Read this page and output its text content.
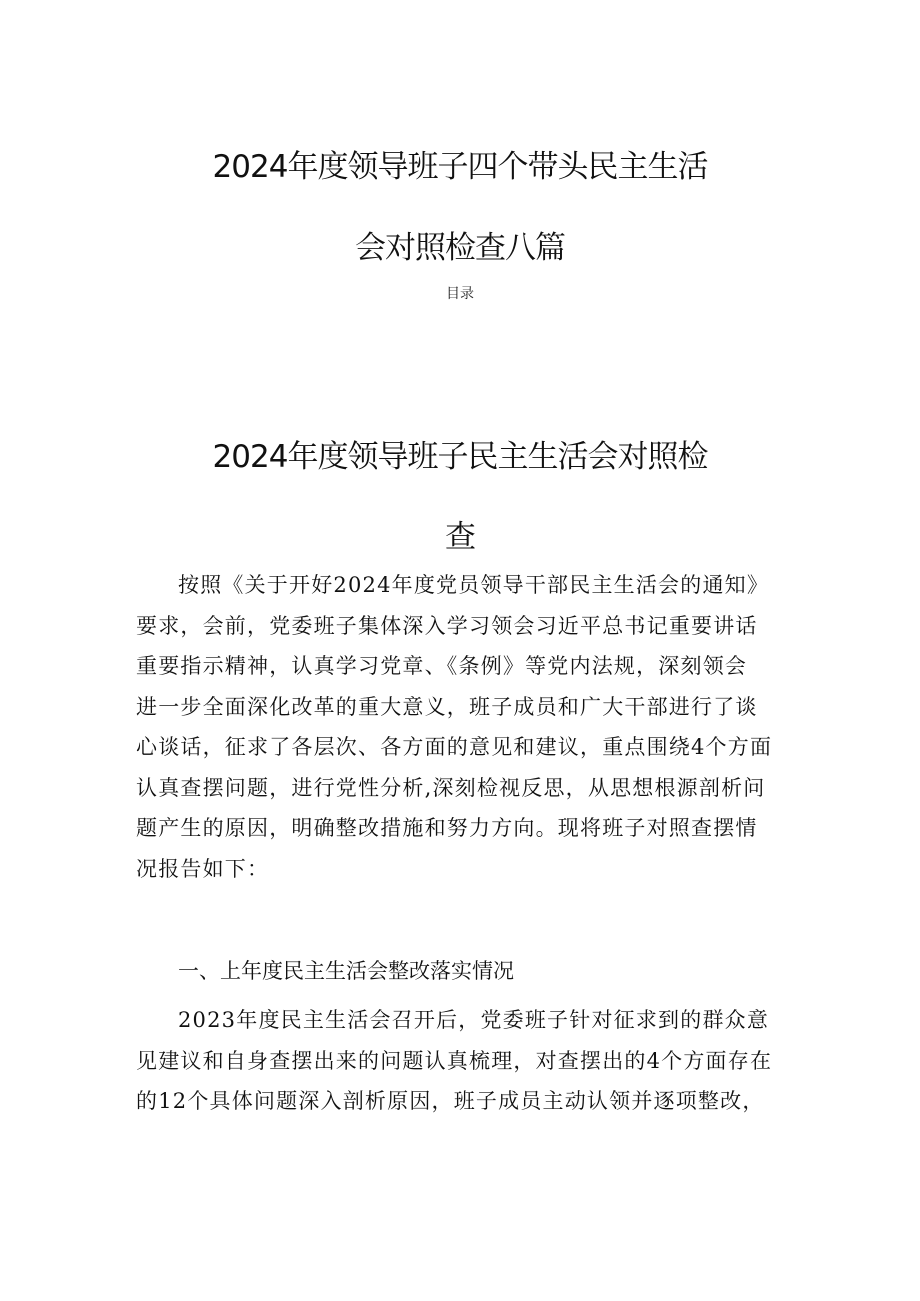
2024年度领导班子四个带头民主生活
会对照检查八篇
目录
2024年度领导班子民主生活会对照检
查
按照《关于开好2024年度党员领导干部民主生活会的通知》
要求，会前，党委班子集体深入学习领会习近平总书记重要讲话
重要指示精神，认真学习党章、《条例》等党内法规，深刻领会
进一步全面深化改革的重大意义，班子成员和广大干部进行了谈
心谈话，征求了各层次、各方面的意见和建议，重点围绕4个方面
认真查摆问题，进行党性分析,深刻检视反思，从思想根源剖析问
题产生的原因，明确整改措施和努力方向。现将班子对照查摆情
况报告如下：
一、上年度民主生活会整改落实情况
2023年度民主生活会召开后，党委班子针对征求到的群众意
见建议和自身查摆出来的问题认真梳理，对查摆出的4个方面存在
的12个具体问题深入剖析原因，班子成员主动认领并逐项整改，
